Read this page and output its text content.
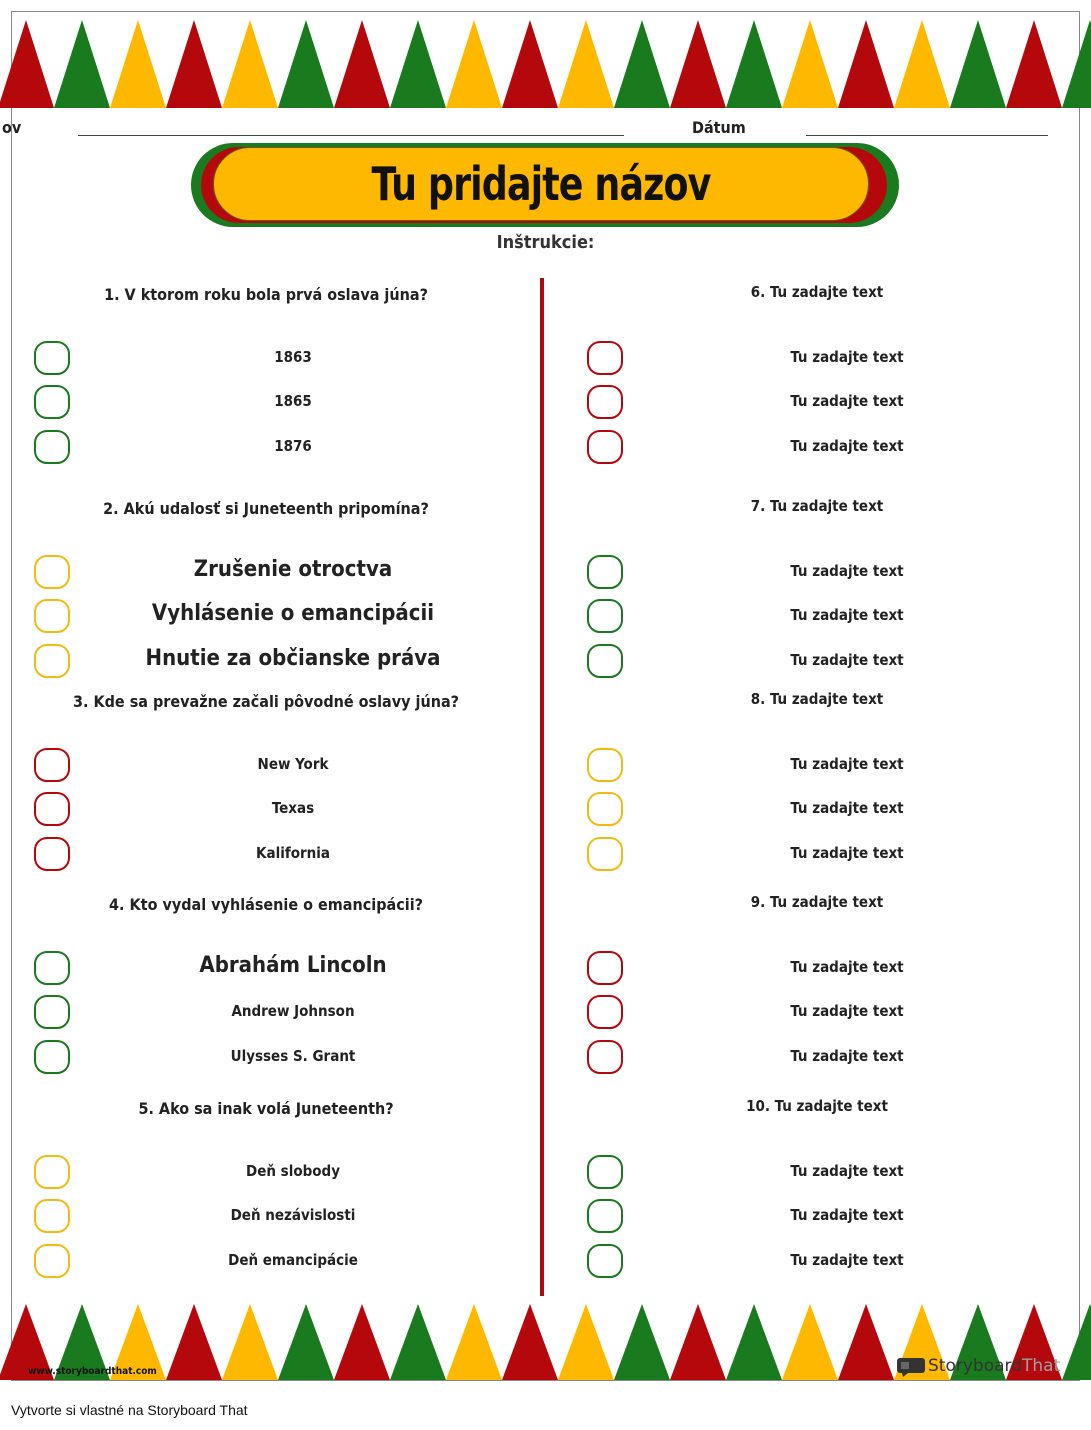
ov	Dátum
Tu pridajte názov
Inštrukcie:
1. V ktorom roku bola prvá oslava júna?
1863
1865
1876
2. Akú udalosť si Juneteenth pripomína?
Zrušenie otroctva
Vyhlásenie o emancipácii
Hnutie za občianske práva
3. Kde sa prevažne začali pôvodné oslavy júna?
New York
Texas
Kalifornia
4. Kto vydal vyhlásenie o emancipácii?
Abrahám Lincoln
Andrew Johnson
Ulysses S. Grant
5. Ako sa inak volá Juneteenth?
Deň slobody
Deň nezávislosti
Deň emancipácie
6. Tu zadajte text
Tu zadajte text
Tu zadajte text
Tu zadajte text
7. Tu zadajte text
Tu zadajte text
Tu zadajte text
Tu zadajte text
8. Tu zadajte text
Tu zadajte text
Tu zadajte text
Tu zadajte text
9. Tu zadajte text
Tu zadajte text
Tu zadajte text
Tu zadajte text
10. Tu zadajte text
Tu zadajte text
Tu zadajte text
Tu zadajte text
www.storyboardthat.com	StoryboardThat
Vytvorte si vlastné na Storyboard That
